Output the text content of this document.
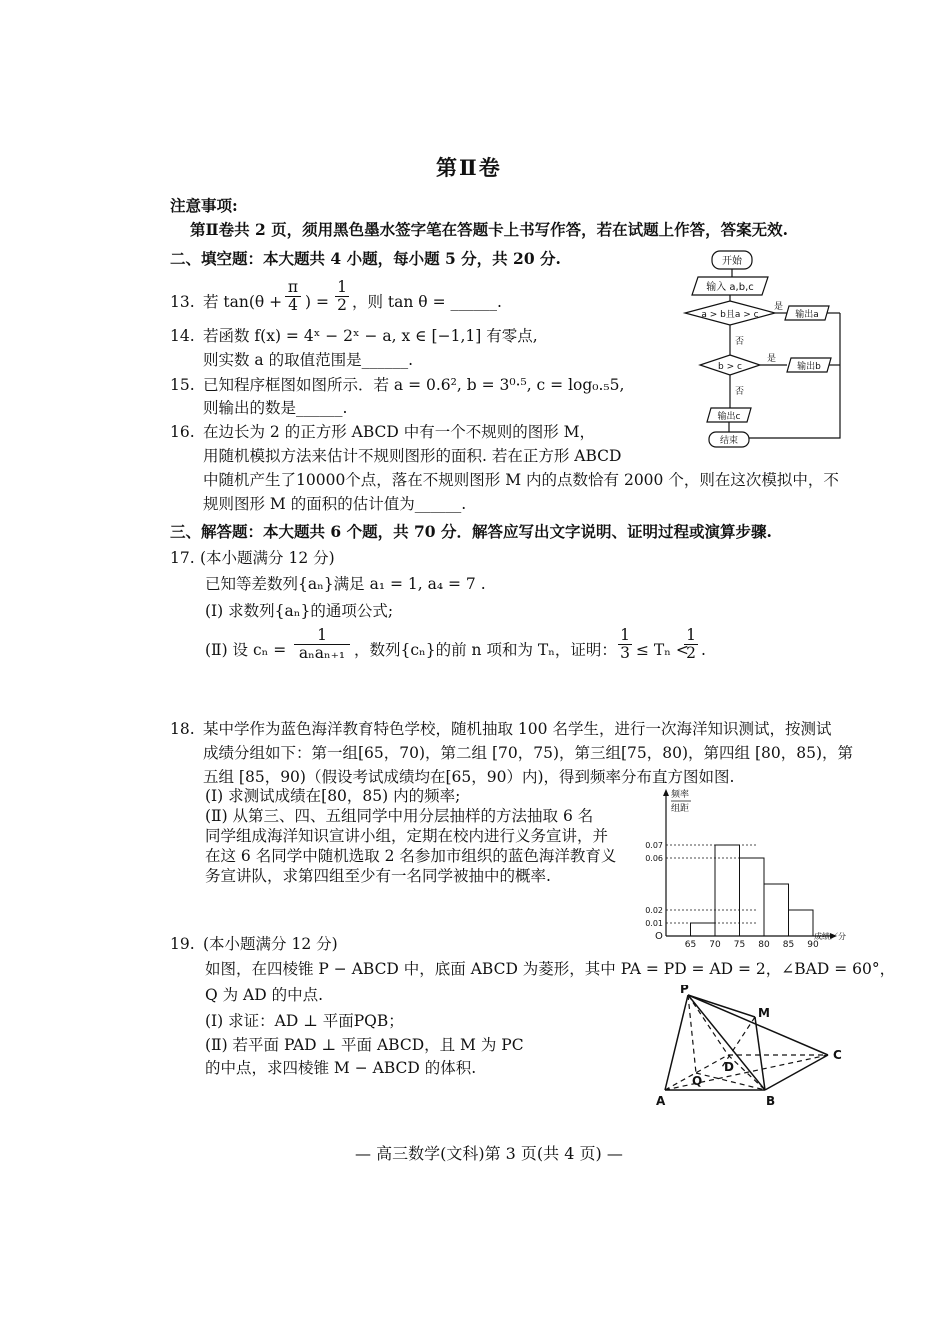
第Ⅱ卷
注意事项:
第Ⅱ卷共 2 页，须用黑色墨水签字笔在答题卡上书写作答，若在试题上作答，答案无效.
二、填空题：本大题共 4 小题，每小题 5 分，共 20 分.
13. 若 $\tan(\theta + \frac{\pi}{4}$ ) = $\frac{1}{2}$ ，则 tan θ = ______.
14. 若函数 f(x) = 4ˣ − 2ˣ − a, x ∈ [−1,1] 有零点,
则实数 a 的取值范围是______.
15. 已知程序框图如图所示．若 a = 0.6², b = 3⁰·⁵, c = log₀.₅5,
则输出的数是______.
16. 在边长为 2 的正方形 ABCD 中有一个不规则的图形 M，
用随机模拟方法来估计不规则图形的面积. 若在正方形 ABCD
中随机产生了10000个点，落在不规则图形 M 内的点数恰有 2000 个，则在这次模拟中，不
规则图形 M 的面积的估计值为______.
开始
输入 a,b,c
a > b且a > c
是
输出a
否
b > c
是
输出b
否
输出c
结束
三、解答题：本大题共 6 个题，共 70 分．解答应写出文字说明、证明过程或演算步骤.
17. (本小题满分 12 分)
已知等差数列{aₙ}满足 a₁ = 1, a₄ = 7 .
(Ⅰ) 求数列{aₙ}的通项公式;
(Ⅱ) 设 cₙ =
1
aₙaₙ₊₁ ，数列{cₙ}的前 n 项和为 Tₙ，证明：
1
3 ≤ Tₙ <
1
2 .
18. 某中学作为蓝色海洋教育特色学校，随机抽取 100 名学生，进行一次海洋知识测试，按测试
成绩分组如下：第一组[65，70)，第二组 [70，75)，第三组[75，80)，第四组 [80，85)，第
五组 [85，90)（假设考试成绩均在[65，90）内)，得到频率分布直方图如图.
(Ⅰ) 求测试成绩在[80，85) 内的频率;
(Ⅱ) 从第三、四、五组同学中用分层抽样的方法抽取 6 名
同学组成海洋知识宣讲小组，定期在校内进行义务宣讲，并
在这 6 名同学中随机选取 2 名参加市组织的蓝色海洋教育义
务宣讲队，求第四组至少有一名同学被抽中的概率.
频率
组距
O	成绩／分
65 70 75 80 85 90
0.07
0.06
0.02
0.01
19. (本小题满分 12 分)
如图，在四棱锥 P − ABCD 中，底面 ABCD 为菱形，其中 PA = PD = AD = 2，∠BAD = 60°，
Q 为 AD 的中点.
(Ⅰ) 求证：AD ⊥ 平面PQB；
(Ⅱ) 若平面 PAD ⊥ 平面 ABCD，且 M 为 PC
的中点，求四棱锥 M − ABCD 的体积.
P
M
D
C
Q
A	B
— 高三数学(文科)第 3 页(共 4 页) —
